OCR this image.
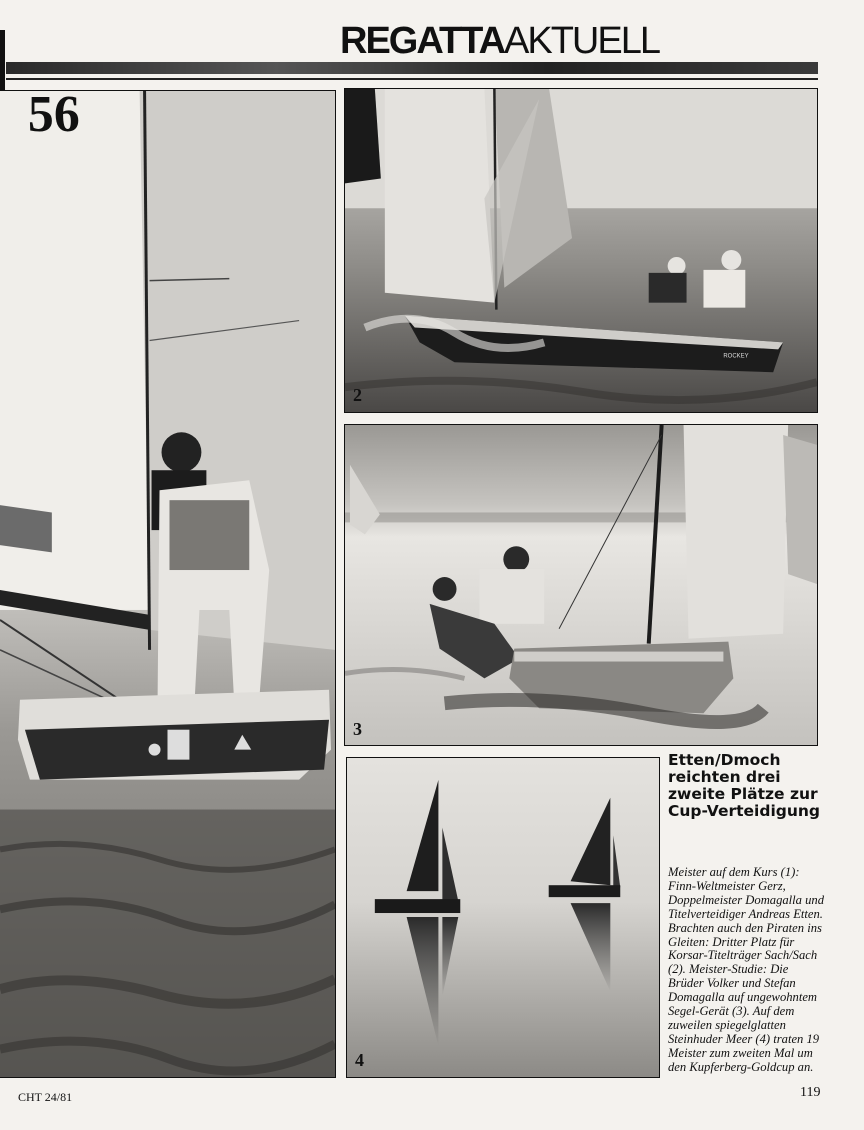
REGATTAAKTUELL
56
ROCKEY
2
3
4
Etten/Dmoch reichten drei zweite Plätze zur Cup-Verteidigung
Meister auf dem Kurs (1): Finn-Weltmeister Gerz, Doppelmeister Domagalla und Titelverteidiger Andreas Etten. Brachten auch den Piraten ins Gleiten: Dritter Platz für Korsar-Titelträger Sach/Sach (2). Meister-Studie: Die Brüder Volker und Stefan Domagalla auf ungewohntem Segel-Gerät (3). Auf dem zuweilen spiegelglatten Steinhuder Meer (4) traten 19 Meister zum zweiten Mal um den Kupferberg-Goldcup an.
CHT 24/81	119
